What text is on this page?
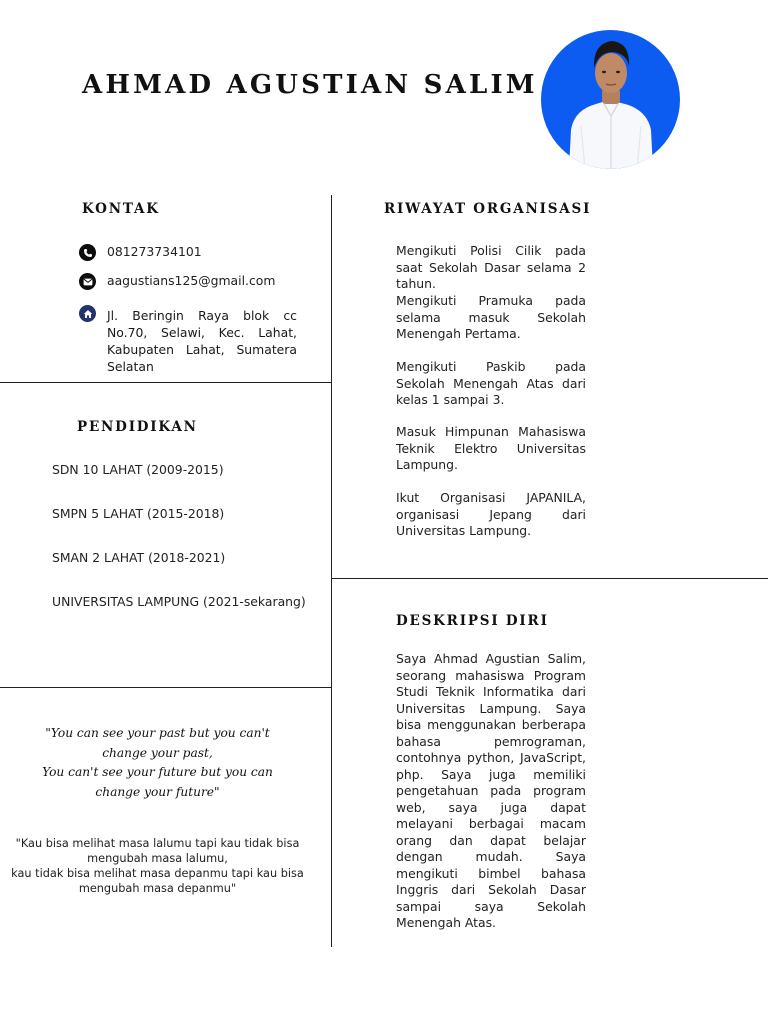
AHMAD AGUSTIAN SALIM
KONTAK
081273734101
aagustians125@gmail.com
Jl. Beringin Raya blok cc No.70, Selawi, Kec. Lahat, Kabupaten Lahat, Sumatera Selatan
PENDIDIKAN
SDN 10 LAHAT (2009-2015)
SMPN 5 LAHAT (2015-2018)
SMAN 2 LAHAT (2018-2021)
UNIVERSITAS LAMPUNG (2021-sekarang)
"You can see your past but you can't
change your past,
You can't see your future but you can
change your future"
"Kau bisa melihat masa lalumu tapi kau tidak bisa
mengubah masa lalumu,
kau tidak bisa melihat masa depanmu tapi kau bisa
mengubah masa depanmu"
RIWAYAT ORGANISASI
Mengikuti Polisi Cilik pada saat Sekolah Dasar selama 2 tahun.
Mengikuti Pramuka pada selama masuk Sekolah Menengah Pertama.
Mengikuti Paskib pada Sekolah Menengah Atas dari kelas 1 sampai 3.
Masuk Himpunan Mahasiswa Teknik Elektro Universitas Lampung.
Ikut Organisasi JAPANILA, organisasi Jepang dari Universitas Lampung.
DESKRIPSI DIRI
Saya Ahmad Agustian Salim, seorang mahasiswa Program Studi Teknik Informatika dari Universitas Lampung. Saya bisa menggunakan berberapa bahasa pemrograman, contohnya python, JavaScript, php. Saya juga memiliki pengetahuan pada program web, saya juga dapat melayani berbagai macam orang dan dapat belajar dengan mudah. Saya mengikuti bimbel bahasa Inggris dari Sekolah Dasar sampai saya Sekolah Menengah Atas.
